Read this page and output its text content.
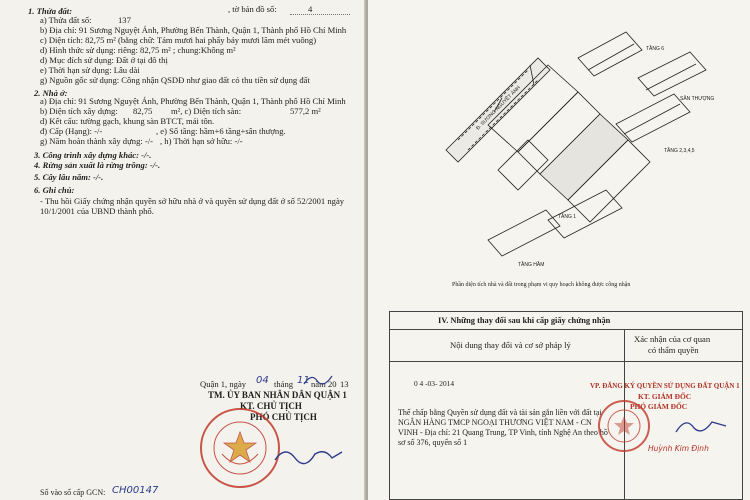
, tờ bản đồ số:	4
1. Thửa đất:
a) Thửa đất số:	137
b) Địa chỉ: 91 Sương Nguyệt Ánh, Phường Bến Thành, Quận 1, Thành phố Hồ Chí Minh
c) Diện tích: 82,75 m² (bằng chữ: Tám mươi hai phẩy bảy mươi lăm mét vuông)
d) Hình thức sử dụng: riêng: 82,75 m² ; chung:Không m²
d) Mục đích sử dụng: Đất ở tại đô thị
e) Thời hạn sử dụng: Lâu dài
g) Nguồn gốc sử dụng: Công nhận QSDĐ như giao đất có thu tiền sử dụng đất
2. Nhà ở:
a) Địa chỉ: 91 Sương Nguyệt Ánh, Phường Bến Thành, Quận 1, Thành phố Hồ Chí Minh
b) Diện tích xây dựng: 82,75 m², c) Diện tích sàn:	577,2 m²
d) Kết cấu: tường gạch, khung sàn BTCT, mái tôn.
đ) Cấp (Hạng): -/-	, e) Số tầng: hầm+6 tầng+sân thượng.
g) Năm hoàn thành xây dựng: -/- , h) Thời hạn sở hữu: -/-
3. Công trình xây dựng khác: -/-.
4. Rừng sản xuất là rừng trồng: -/-.
5. Cây lâu năm: -/-.
6. Ghi chú:
- Thu hồi Giấy chứng nhận quyền sở hữu nhà ở và quyền sử dụng đất ở số 52/2001 ngày
10/1/2001 của UBND thành phố.
Quận 1, ngày 04 tháng 11 năm 20 13
TM. ỦY BAN NHÂN DÂN QUẬN 1
KT. CHỦ TỊCH
PHÓ CHỦ TỊCH
Số vào sổ cấp GCN: CH00147
Đ. SƯƠNG NGUYỆT ÁNH	SÂN THƯỢNG
TẦNG 2,3,4,5
TẦNG 1
TẦNG HẦM
TẦNG 6
Phần diện tích nhà và đất trong phạm vi quy hoạch không được công nhận
IV. Những thay đổi sau khi cấp giấy chứng nhận
Nội dung thay đổi và cơ sở pháp lý
Xác nhận của cơ quan
có thẩm quyền
0 4 -03- 2014
Thế chấp bằng Quyền sử dụng đất và tài sản gắn liền với đất tại
NGÂN HÀNG TMCP NGOẠI THƯƠNG VIỆT NAM - CN
VINH - Địa chỉ: 21 Quang Trung, TP Vinh, tỉnh Nghệ An theo hồ
sơ số 376, quyển số 1
VP. ĐĂNG KÝ QUYỀN SỬ DỤNG ĐẤT QUẬN 1
KT. GIÁM ĐỐC
PHÓ GIÁM ĐỐC
Huỳnh Kim Định
